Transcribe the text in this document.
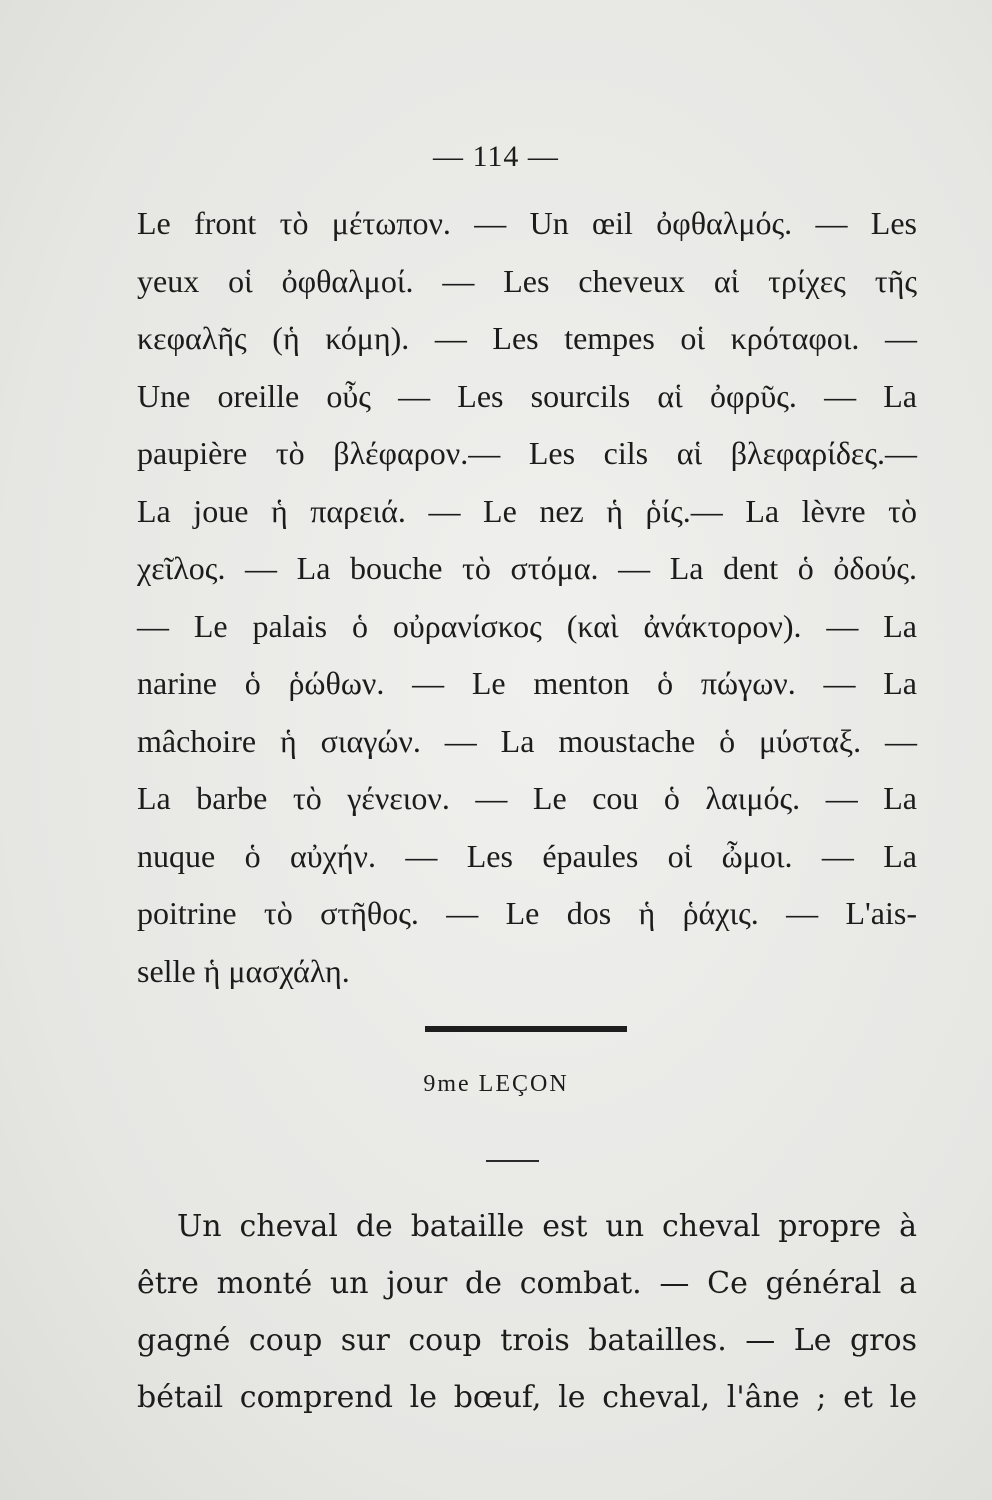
— 114 —
Le front τὸ μέτωπον. — Un œil ὀφθαλμός. — Les
yeux οἱ ὀφθαλμοί. — Les cheveux αἱ τρίχες τῆς
κεφαλῆς (ἡ κόμη). — Les tempes οἱ κρόταφοι. —
Une oreille οὖς — Les sourcils αἱ ὀφρῦς. — La
paupière τὸ βλέφαρον.— Les cils αἱ βλεφαρίδες.—
La joue ἡ παρειά. — Le nez ἡ ῥίς.— La lèvre τὸ
χεῖλος. — La bouche τὸ στόμα. — La dent ὁ ὀδούς.
— Le palais ὁ οὐρανίσκος (καὶ ἀνάκτορον). — La
narine ὁ ῥώθων. — Le menton ὁ πώγων. — La
mâchoire ἡ σιαγών. — La moustache ὁ μύσταξ. —
La barbe τὸ γένειον. — Le cou ὁ λαιμός. — La
nuque ὁ αὐχήν. — Les épaules οἱ ὦμοι. — La
poitrine τὸ στῆθος. — Le dos ἡ ῥάχις. — L'ais-
selle ἡ μασχάλη.
9me LEÇON
Un cheval de bataille est un cheval propre à
être monté un jour de combat. — Ce général a
gagné coup sur coup trois batailles. — Le gros
bétail comprend le bœuf, le cheval, l'âne ; et le
